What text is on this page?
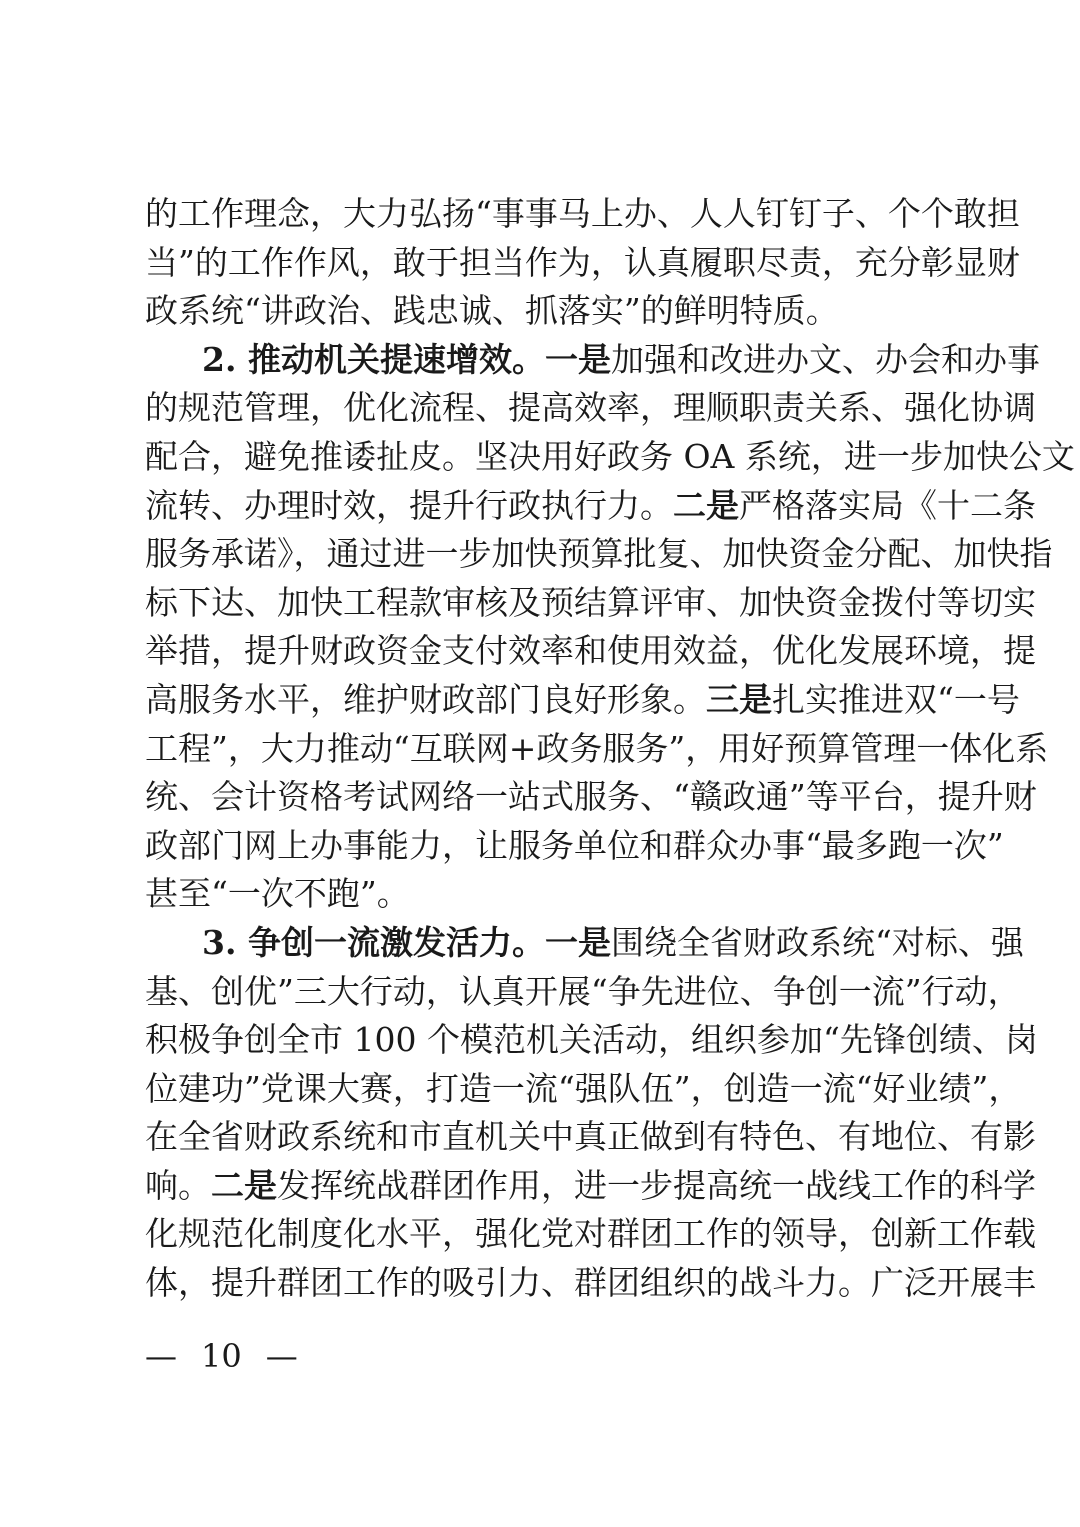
的工作理念，大力弘扬“事事马上办、人人钉钉子、个个敢担
当”的工作作风，敢于担当作为，认真履职尽责，充分彰显财
政系统“讲政治、践忠诚、抓落实”的鲜明特质。
2. 推动机关提速增效。一是加强和改进办文、办会和办事
的规范管理，优化流程、提高效率，理顺职责关系、强化协调
配合，避免推诿扯皮。坚决用好政务 OA 系统，进一步加快公文
流转、办理时效，提升行政执行力。二是严格落实局《十二条
服务承诺》，通过进一步加快预算批复、加快资金分配、加快指
标下达、加快工程款审核及预结算评审、加快资金拨付等切实
举措，提升财政资金支付效率和使用效益，优化发展环境，提
高服务水平，维护财政部门良好形象。三是扎实推进双“一号
工程”，大力推动“互联网+政务服务”，用好预算管理一体化系
统、会计资格考试网络一站式服务、“赣政通”等平台，提升财
政部门网上办事能力，让服务单位和群众办事“最多跑一次”
甚至“一次不跑”。
3. 争创一流激发活力。一是围绕全省财政系统“对标、强
基、创优”三大行动，认真开展“争先进位、争创一流”行动，
积极争创全市 100 个模范机关活动，组织参加“先锋创绩、岗
位建功”党课大赛，打造一流“强队伍”，创造一流“好业绩”，
在全省财政系统和市直机关中真正做到有特色、有地位、有影
响。二是发挥统战群团作用，进一步提高统一战线工作的科学
化规范化制度化水平，强化党对群团工作的领导，创新工作载
体，提升群团工作的吸引力、群团组织的战斗力。广泛开展丰
— 10 —
